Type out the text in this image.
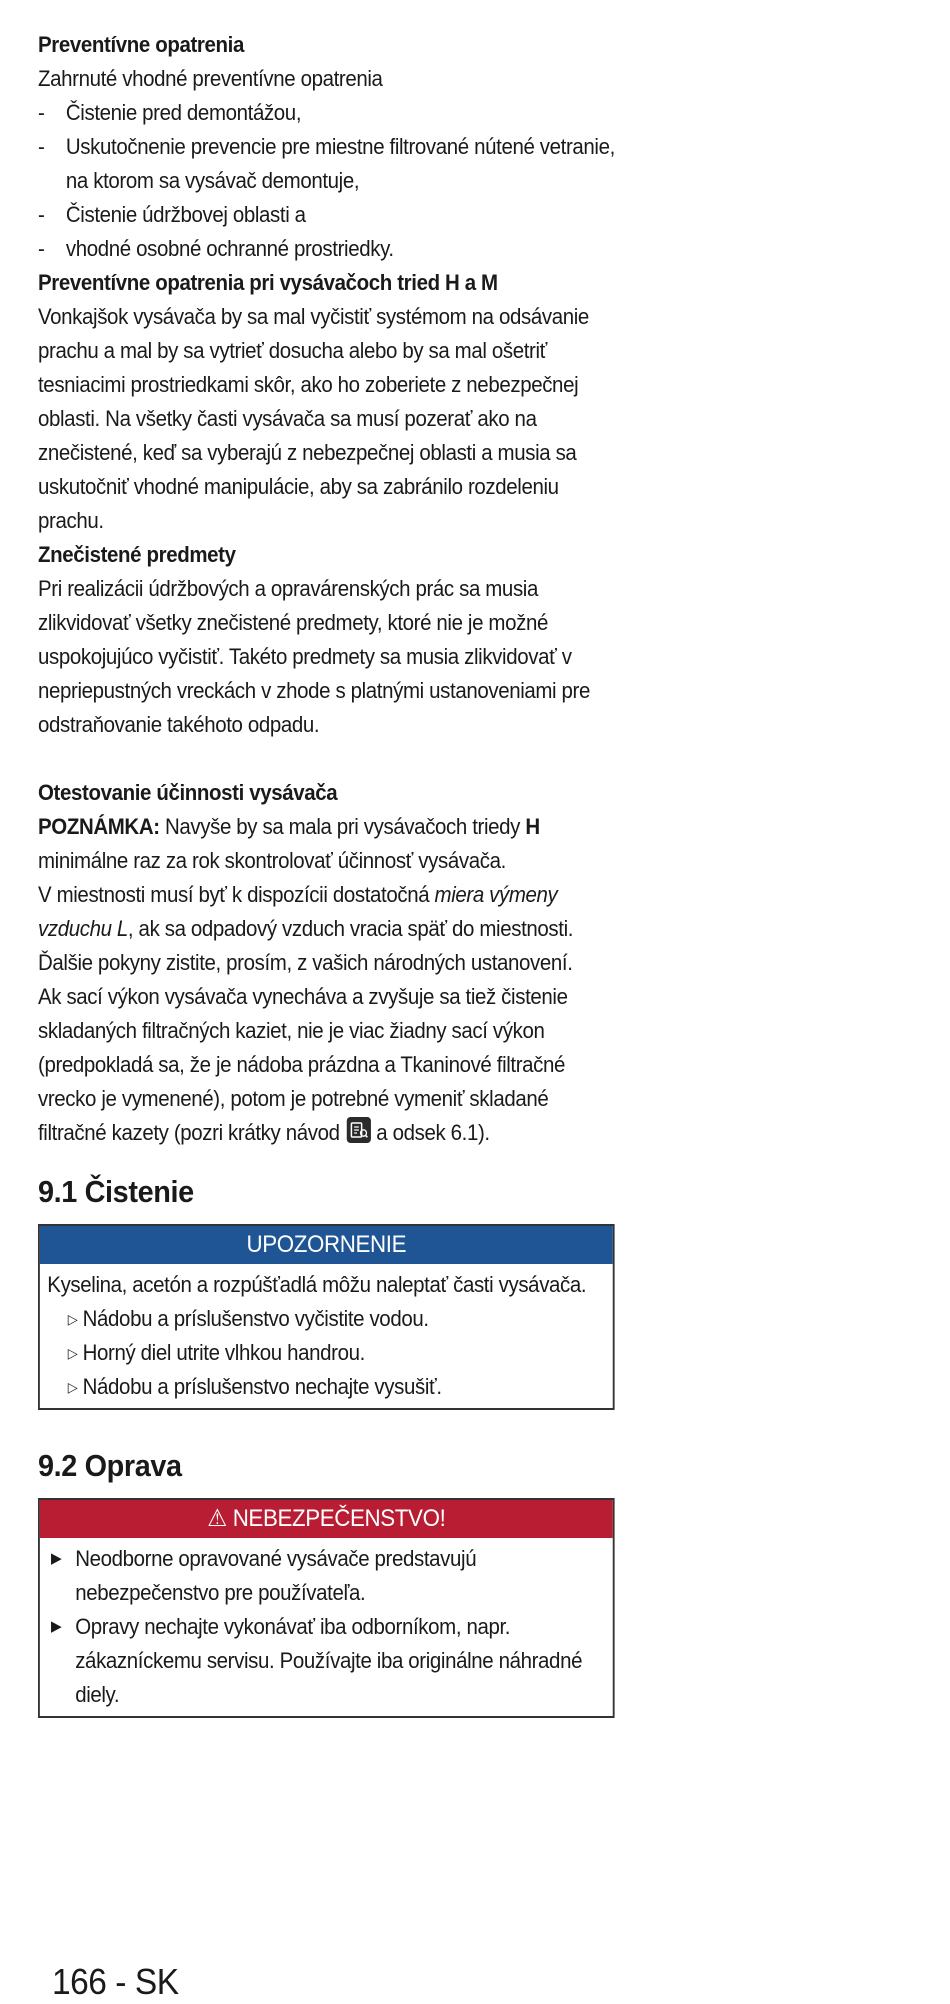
Preventívne opatrenia

Zahrnuté vhodné preventívne opatrenia

- Čistenie pred demontážou,
- Uskutočnenie prevencie pre miestne filtrované nútené vetranie, na ktorom sa vysávač demontuje,
- Čistenie údržbovej oblasti a
- vhodné osobné ochranné prostriedky.

Preventívne opatrenia pri vysávačoch tried H a M

Vonkajšok vysávača by sa mal vyčistiť systémom na odsávanie prachu a mal by sa vytrieť dosucha alebo by sa mal ošetriť tesniacimi prostriedkami skôr, ako ho zoberiete z nebezpečnej oblasti. Na všetky časti vysávača sa musí pozerať ako na znečistené, keď sa vyberajú z nebezpečnej oblasti a musia sa uskutočniť vhodné manipulácie, aby sa zabránilo rozdeleniu prachu.

Znečistené predmety

Pri realizácii údržbových a opravárenských prác sa musia zlikvidovať všetky znečistené predmety, ktoré nie je možné uspokojujúco vyčistiť. Takéto predmety sa musia zlikvidovať v nepriepustných vreckách v zhode s platnými ustanoveniami pre odstraňovanie takéhoto odpadu.

Otestovanie účinnosti vysávača

POZNÁMKA: Navyše by sa mala pri vysávačoch triedy H minimálne raz za rok skontrolovať účinnosť vysávača.

V miestnosti musí byť k dispozícii dostatočná miera výmeny vzduchu L, ak sa odpadový vzduch vracia späť do miestnosti.

Ďalšie pokyny zistite, prosím, z vašich národných ustanovení.

Ak sací výkon vysávača vynecháva a zvyšuje sa tiež čistenie skladaných filtračných kaziet, nie je viac žiadny sací výkon (predpokladá sa, že je nádoba prázdna a Tkaninové filtračné vrecko je vymenené), potom je potrebné vymeniť skladané filtračné kazety (pozri krátky návod
a odsek 6.1).

9.1 Čistenie
UPOZORNENIE

Kyselina, acetón a rozpúšťadlá môžu naleptať časti vysávača.

▷ Nádobu a príslušenstvo vyčistite vodou.
▷ Horný diel utrite vlhkou handrou.
▷ Nádobu a príslušenstvo nechajte vysušiť.
9.2 Oprava
⚠ NEBEZPEČENSTVO!
▶ Neodborne opravované vysávače predstavujú nebezpečenstvo pre používateľa.
▶ Opravy nechajte vykonávať iba odborníkom, napr. zákazníckemu servisu. Používajte iba originálne náhradné diely.
166 - SK
